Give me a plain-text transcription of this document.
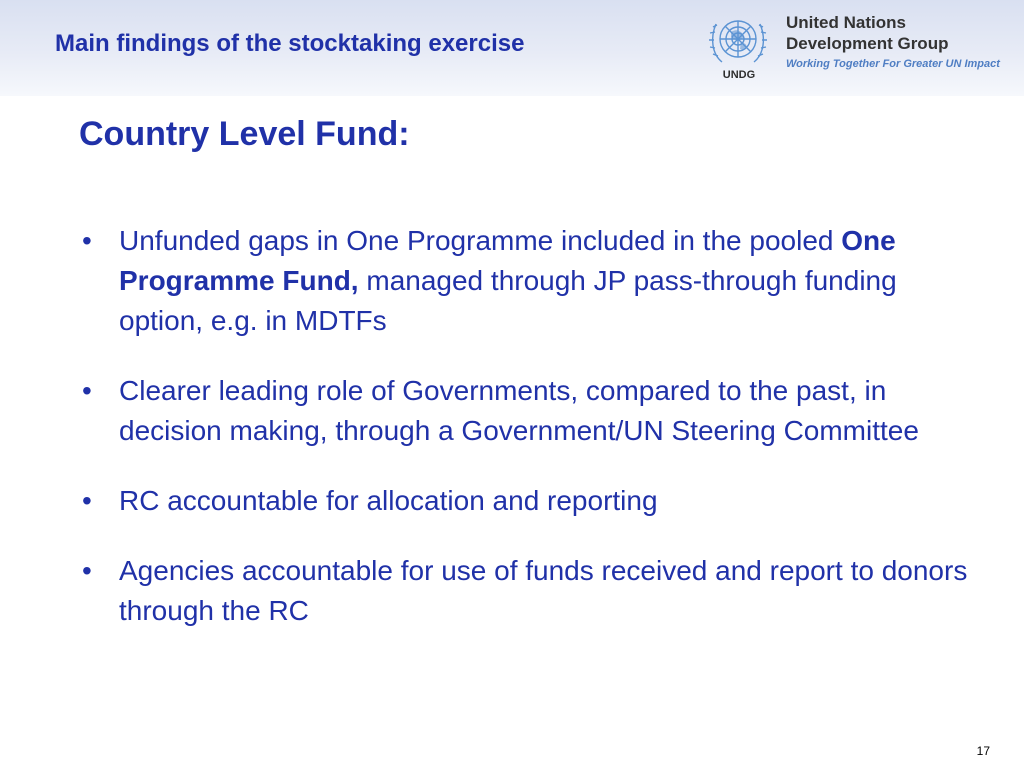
Main findings of the stocktaking exercise
UNDG
United Nations
Development Group
Working Together For Greater UN Impact
Country Level Fund:
• Unfunded gaps in One Programme included in the pooled One Programme Fund, managed through JP pass-through funding option, e.g. in MDTFs
• Clearer leading role of Governments, compared to the past, in decision making, through a Government/UN Steering Committee
• RC accountable for allocation and reporting
• Agencies accountable for use of funds received and report to donors through the RC
17
